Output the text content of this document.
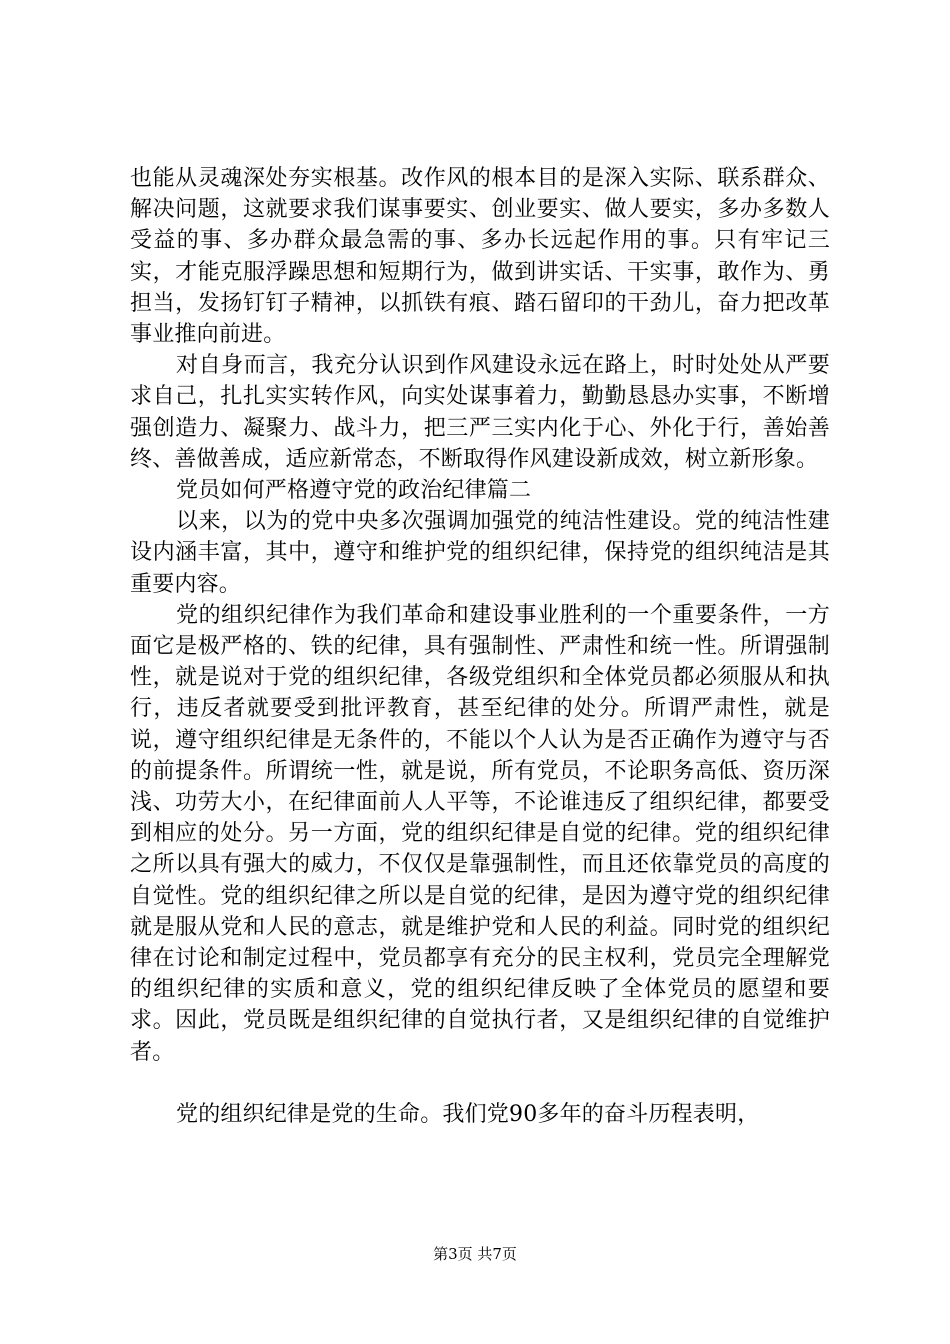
也能从灵魂深处夯实根基。改作风的根本目的是深入实际、联系群众、解决问题，这就要求我们谋事要实、创业要实、做人要实，多办多数人受益的事、多办群众最急需的事、多办长远起作用的事。只有牢记三实，才能克服浮躁思想和短期行为，做到讲实话、干实事，敢作为、勇担当，发扬钉钉子精神，以抓铁有痕、踏石留印的干劲儿，奋力把改革事业推向前进。

对自身而言，我充分认识到作风建设永远在路上，时时处处从严要求自己，扎扎实实转作风，向实处谋事着力，勤勤恳恳办实事，不断增强创造力、凝聚力、战斗力，把三严三实内化于心、外化于行，善始善终、善做善成，适应新常态，不断取得作风建设新成效，树立新形象。

党员如何严格遵守党的政治纪律篇二

以来，以为的党中央多次强调加强党的纯洁性建设。党的纯洁性建设内涵丰富，其中，遵守和维护党的组织纪律，保持党的组织纯洁是其重要内容。

党的组织纪律作为我们革命和建设事业胜利的一个重要条件，一方面它是极严格的、铁的纪律，具有强制性、严肃性和统一性。所谓强制性，就是说对于党的组织纪律，各级党组织和全体党员都必须服从和执行，违反者就要受到批评教育，甚至纪律的处分。所谓严肃性，就是说，遵守组织纪律是无条件的，不能以个人认为是否正确作为遵守与否的前提条件。所谓统一性，就是说，所有党员，不论职务高低、资历深浅、功劳大小，在纪律面前人人平等，不论谁违反了组织纪律，都要受到相应的处分。另一方面，党的组织纪律是自觉的纪律。党的组织纪律之所以具有强大的威力，不仅仅是靠强制性，而且还依靠党员的高度的自觉性。党的组织纪律之所以是自觉的纪律，是因为遵守党的组织纪律就是服从党和人民的意志，就是维护党和人民的利益。同时党的组织纪律在讨论和制定过程中，党员都享有充分的民主权利，党员完全理解党的组织纪律的实质和意义，党的组织纪律反映了全体党员的愿望和要求。因此，党员既是组织纪律的自觉执行者，又是组织纪律的自觉维护者。

党的组织纪律是党的生命。我们党90多年的奋斗历程表明，

第3页 共7页
